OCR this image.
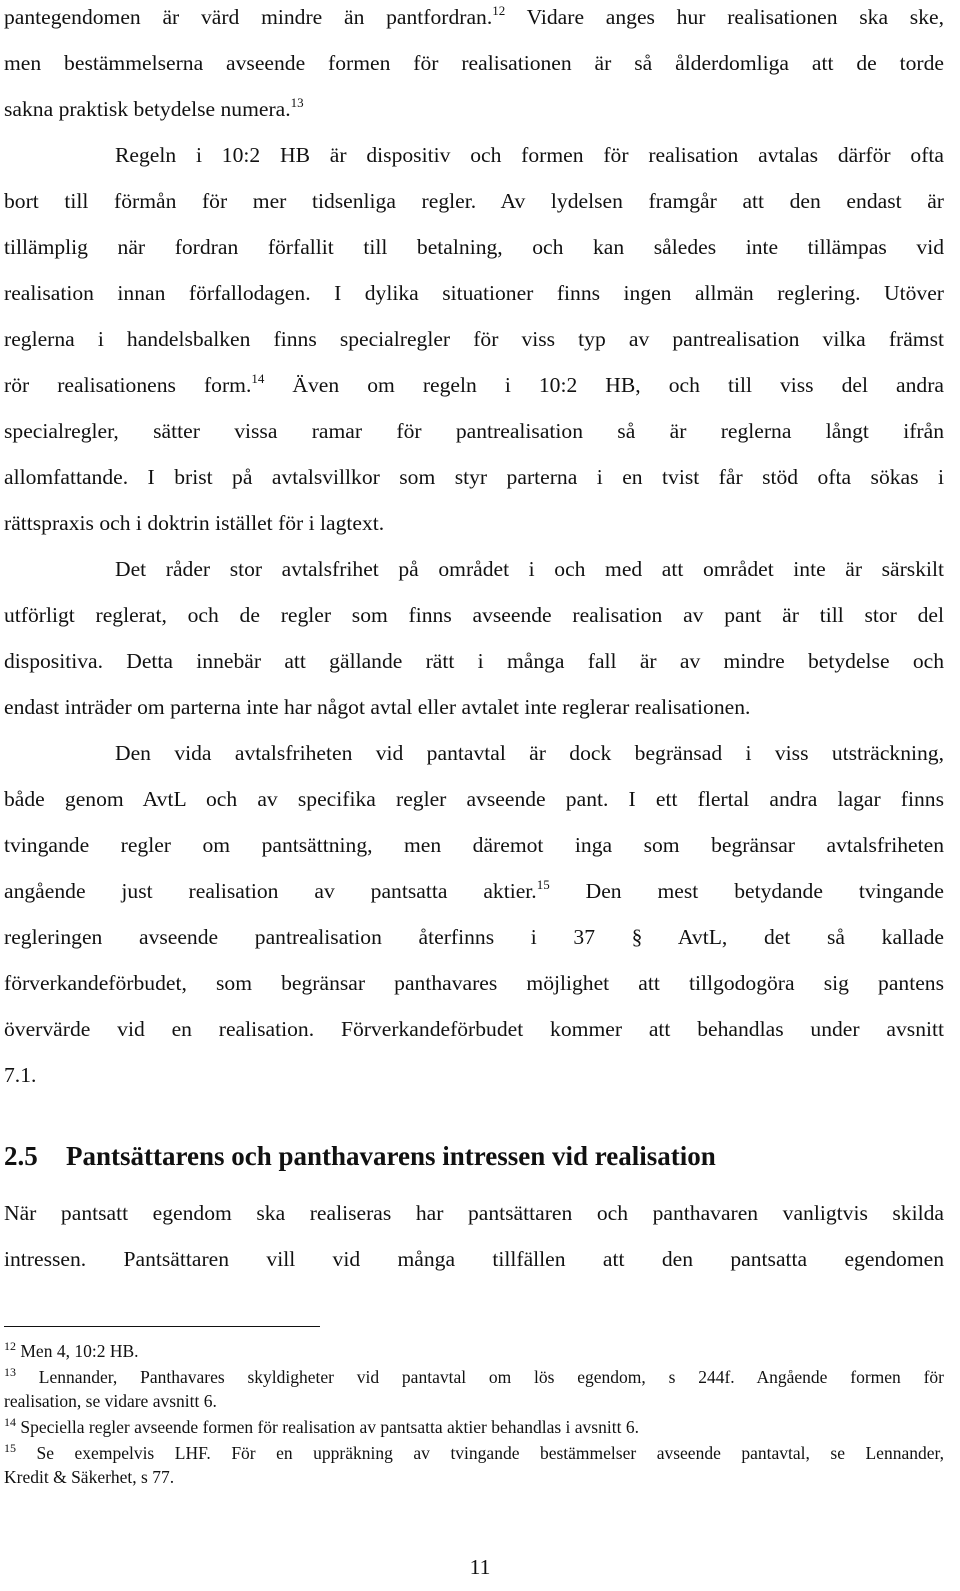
pantegendomen är värd mindre än pantfordran.$^{12}$ Vidare anges hur realisationen ska ske,
men bestämmelserna avseende formen för realisationen är så ålderdomliga att de torde
sakna praktisk betydelse numera.$^{13}$
Regeln i 10:2 HB är dispositiv och formen för realisation avtalas därför ofta
bort till förmån för mer tidsenliga regler. Av lydelsen framgår att den endast är
tillämplig när fordran förfallit till betalning, och kan således inte tillämpas vid
realisation innan förfallodagen. I dylika situationer finns ingen allmän reglering. Utöver
reglerna i handelsbalken finns specialregler för viss typ av pantrealisation vilka främst
rör realisationens form.$^{14}$ Även om regeln i 10:2 HB, och till viss del andra
specialregler, sätter vissa ramar för pantrealisation så är reglerna långt ifrån
allomfattande. I brist på avtalsvillkor som styr parterna i en tvist får stöd ofta sökas i
rättspraxis och i doktrin istället för i lagtext.
Det råder stor avtalsfrihet på området i och med att området inte är särskilt
utförligt reglerat, och de regler som finns avseende realisation av pant är till stor del
dispositiva. Detta innebär att gällande rätt i många fall är av mindre betydelse och
endast inträder om parterna inte har något avtal eller avtalet inte reglerar realisationen.
Den vida avtalsfriheten vid pantavtal är dock begränsad i viss utsträckning,
både genom AvtL och av specifika regler avseende pant. I ett flertal andra lagar finns
tvingande regler om pantsättning, men däremot inga som begränsar avtalsfriheten
angående just realisation av pantsatta aktier.$^{15}$ Den mest betydande tvingande
regleringen avseende pantrealisation återfinns i 37 § AvtL, det så kallade
förverkandeförbudet, som begränsar panthavares möjlighet att tillgodogöra sig pantens
övervärde vid en realisation. Förverkandeförbudet kommer att behandlas under avsnitt
7.1.
2.5 Pantsättarens och panthavarens intressen vid realisation
När pantsatt egendom ska realiseras har pantsättaren och panthavaren vanligtvis skilda
intressen. Pantsättaren vill vid många tillfällen att den pantsatta egendomen
$^{12}$ Men 4, 10:2 HB.
$^{13}$ Lennander, Panthavares skyldigheter vid pantavtal om lös egendom, s 244f. Angående formen för
realisation, se vidare avsnitt 6.
$^{14}$ Speciella regler avseende formen för realisation av pantsatta aktier behandlas i avsnitt 6.
$^{15}$ Se exempelvis LHF. För en uppräkning av tvingande bestämmelser avseende pantavtal, se Lennander,
Kredit & Säkerhet, s 77.
11
